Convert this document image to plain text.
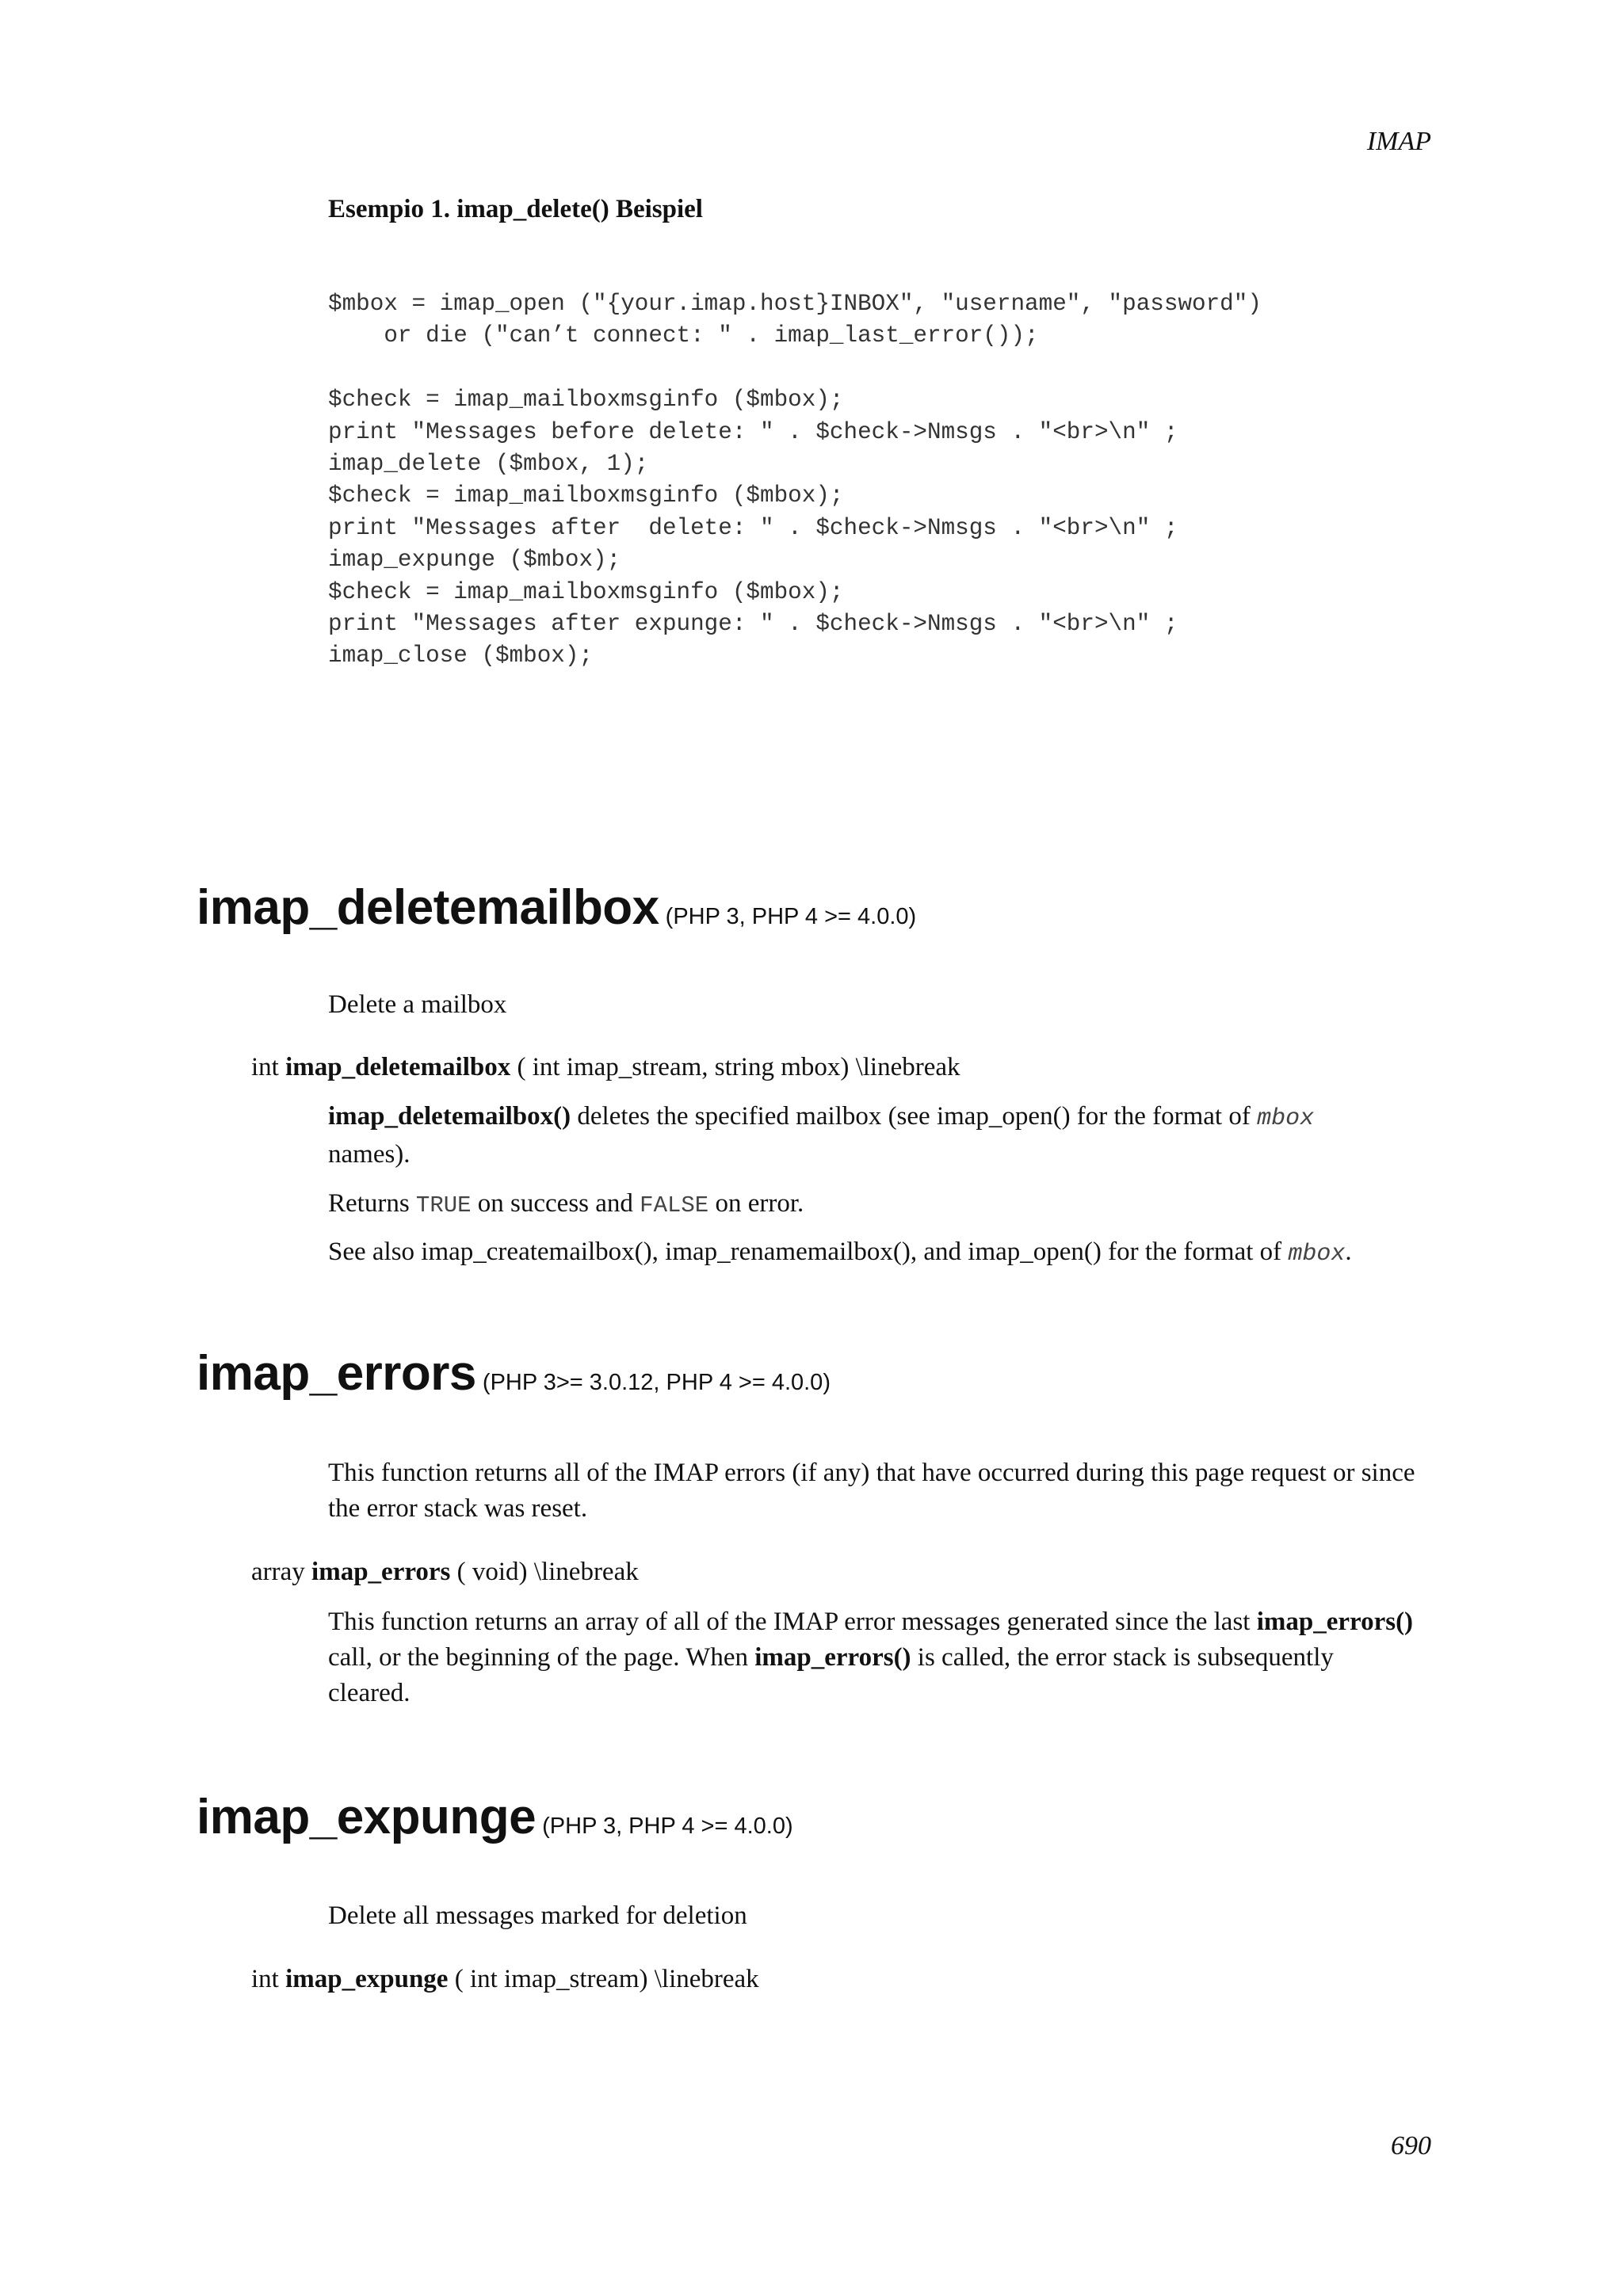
IMAP
Esempio 1. imap_delete() Beispiel
$mbox = imap_open ("{your.imap.host}INBOX", "username", "password")
or die ("can’t connect: " . imap_last_error());

$check = imap_mailboxmsginfo ($mbox);
print "Messages before delete: " . $check->Nmsgs . "<br>\n" ;
imap_delete ($mbox, 1);
$check = imap_mailboxmsginfo ($mbox);
print "Messages after  delete: " . $check->Nmsgs . "<br>\n" ;
imap_expunge ($mbox);
$check = imap_mailboxmsginfo ($mbox);
print "Messages after expunge: " . $check->Nmsgs . "<br>\n" ;
imap_close ($mbox);
imap_deletemailbox (PHP 3, PHP 4 >= 4.0.0)
Delete a mailbox
int imap_deletemailbox ( int imap_stream, string mbox) \linebreak
imap_deletemailbox() deletes the specified mailbox (see imap_open() for the format of mbox
names).
Returns TRUE on success and FALSE on error.
See also imap_createmailbox(), imap_renamemailbox(), and imap_open() for the format of mbox.
imap_errors (PHP 3>= 3.0.12, PHP 4 >= 4.0.0)
This function returns all of the IMAP errors (if any) that have occurred during this page request or since the error stack was reset.
array imap_errors ( void) \linebreak
This function returns an array of all of the IMAP error messages generated since the last imap_errors() call, or the beginning of the page. When imap_errors() is called, the error stack is subsequently cleared.
imap_expunge (PHP 3, PHP 4 >= 4.0.0)
Delete all messages marked for deletion
int imap_expunge ( int imap_stream) \linebreak
690
